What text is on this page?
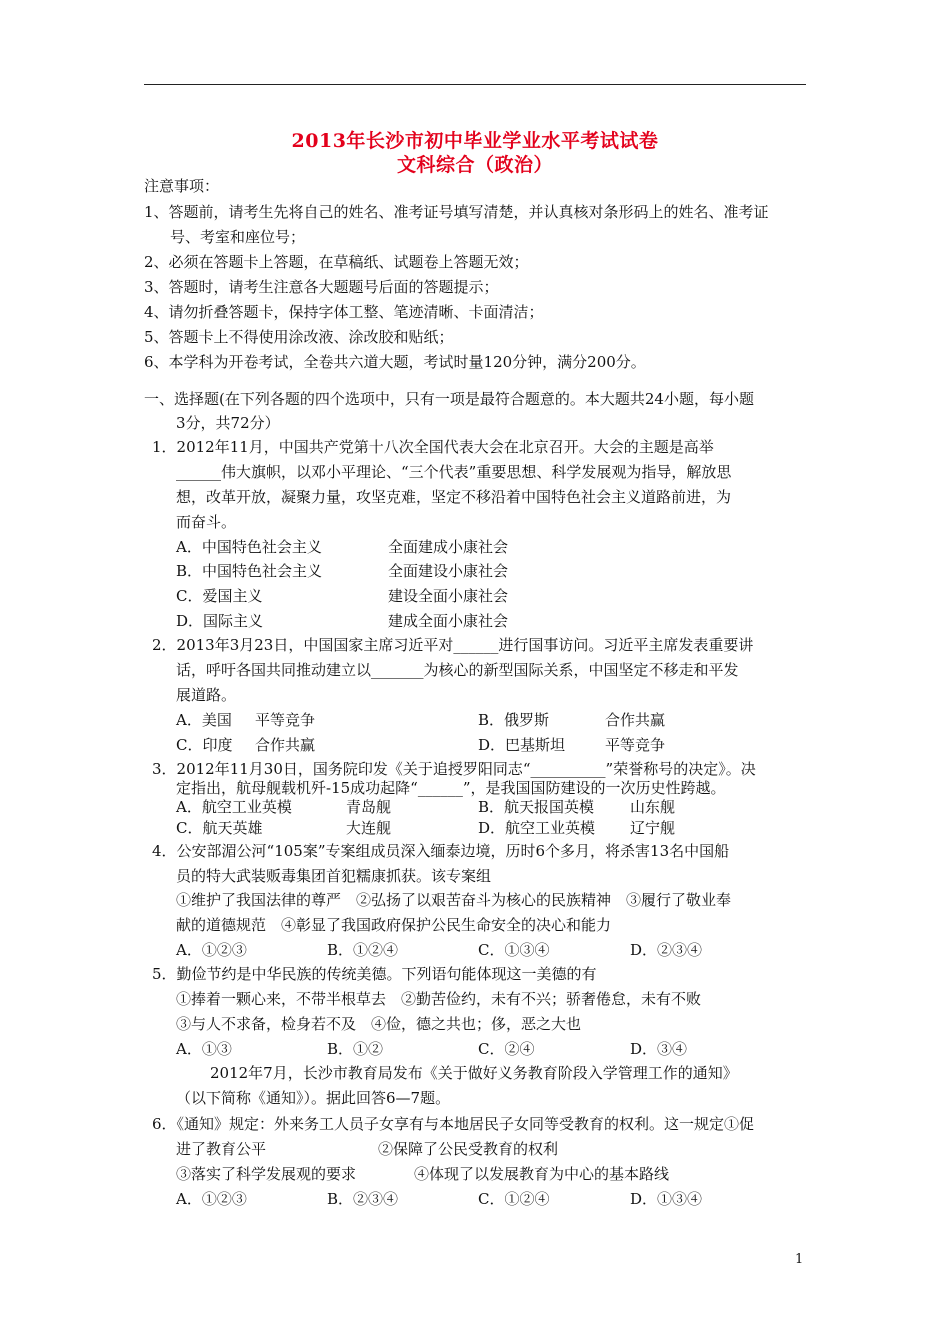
2013年长沙市初中毕业学业水平考试试卷
文科综合（政治）
注意事项：
1、答题前，请考生先将自己的姓名、准考证号填写清楚，并认真核对条形码上的姓名、准考证
号、考室和座位号；
2、必须在答题卡上答题，在草稿纸、试题卷上答题无效；
3、答题时，请考生注意各大题题号后面的答题提示；
4、请勿折叠答题卡，保持字体工整、笔迹清晰、卡面清洁；
5、答题卡上不得使用涂改液、涂改胶和贴纸；
6、本学科为开卷考试，全卷共六道大题，考试时量120分钟，满分200分。
一、选择题(在下列各题的四个选项中，只有一项是最符合题意的。本大题共24小题，每小题
3分，共72分）
1．2012年11月，中国共产党第十八次全国代表大会在北京召开。大会的主题是高举
______伟大旗帜，以邓小平理论、“三个代表”重要思想、科学发展观为指导，解放思
想，改革开放，凝聚力量，攻坚克难，坚定不移沿着中国特色社会主义道路前进，为
而奋斗。
A．中国特色社会主义	全面建成小康社会
B．中国特色社会主义	全面建设小康社会
C．爱国主义	建设全面小康社会
D．国际主义	建成全面小康社会
2．2013年3月23日，中国国家主席习近平对______进行国事访问。习近平主席发表重要讲
话，呼吁各国共同推动建立以_______为核心的新型国际关系，中国坚定不移走和平发
展道路。
A．美国 平等竞争	B．俄罗斯	合作共赢
C．印度 合作共赢	D．巴基斯坦	平等竞争
3．2012年11月30日，国务院印发《关于追授罗阳同志“__________”荣誉称号的决定》。决
定指出，航母舰载机歼-15成功起降“______”，是我国国防建设的一次历史性跨越。
A．航空工业英模	青岛舰	B．航天报国英模 山东舰
C．航天英雄	大连舰	D．航空工业英模 辽宁舰
4．公安部湄公河“105案”专案组成员深入缅泰边境，历时6个多月，将杀害13名中国船
员的特大武装贩毒集团首犯糯康抓获。该专案组
①维护了我国法律的尊严　②弘扬了以艰苦奋斗为核心的民族精神　③履行了敬业奉
献的道德规范　④彰显了我国政府保护公民生命安全的决心和能力
A．①②③	B．①②④	C．①③④	D．②③④
5．勤俭节约是中华民族的传统美德。下列语句能体现这一美德的有
①捧着一颗心来，不带半根草去　②勤苦俭约，未有不兴；骄奢倦怠，未有不败
③与人不求备，检身若不及　④俭，德之共也；侈，恶之大也
A．①③	B．①②	C．②④	D．③④
2012年7月，长沙市教育局发布《关于做好义务教育阶段入学管理工作的通知》
（以下简称《通知》）。据此回答6—7题。
6．《通知》规定：外来务工人员子女享有与本地居民子女同等受教育的权利。这一规定①促
进了教育公平	②保障了公民受教育的权利
③落实了科学发展观的要求	④体现了以发展教育为中心的基本路线
A．①②③	B．②③④	C．①②④	D．①③④
1
